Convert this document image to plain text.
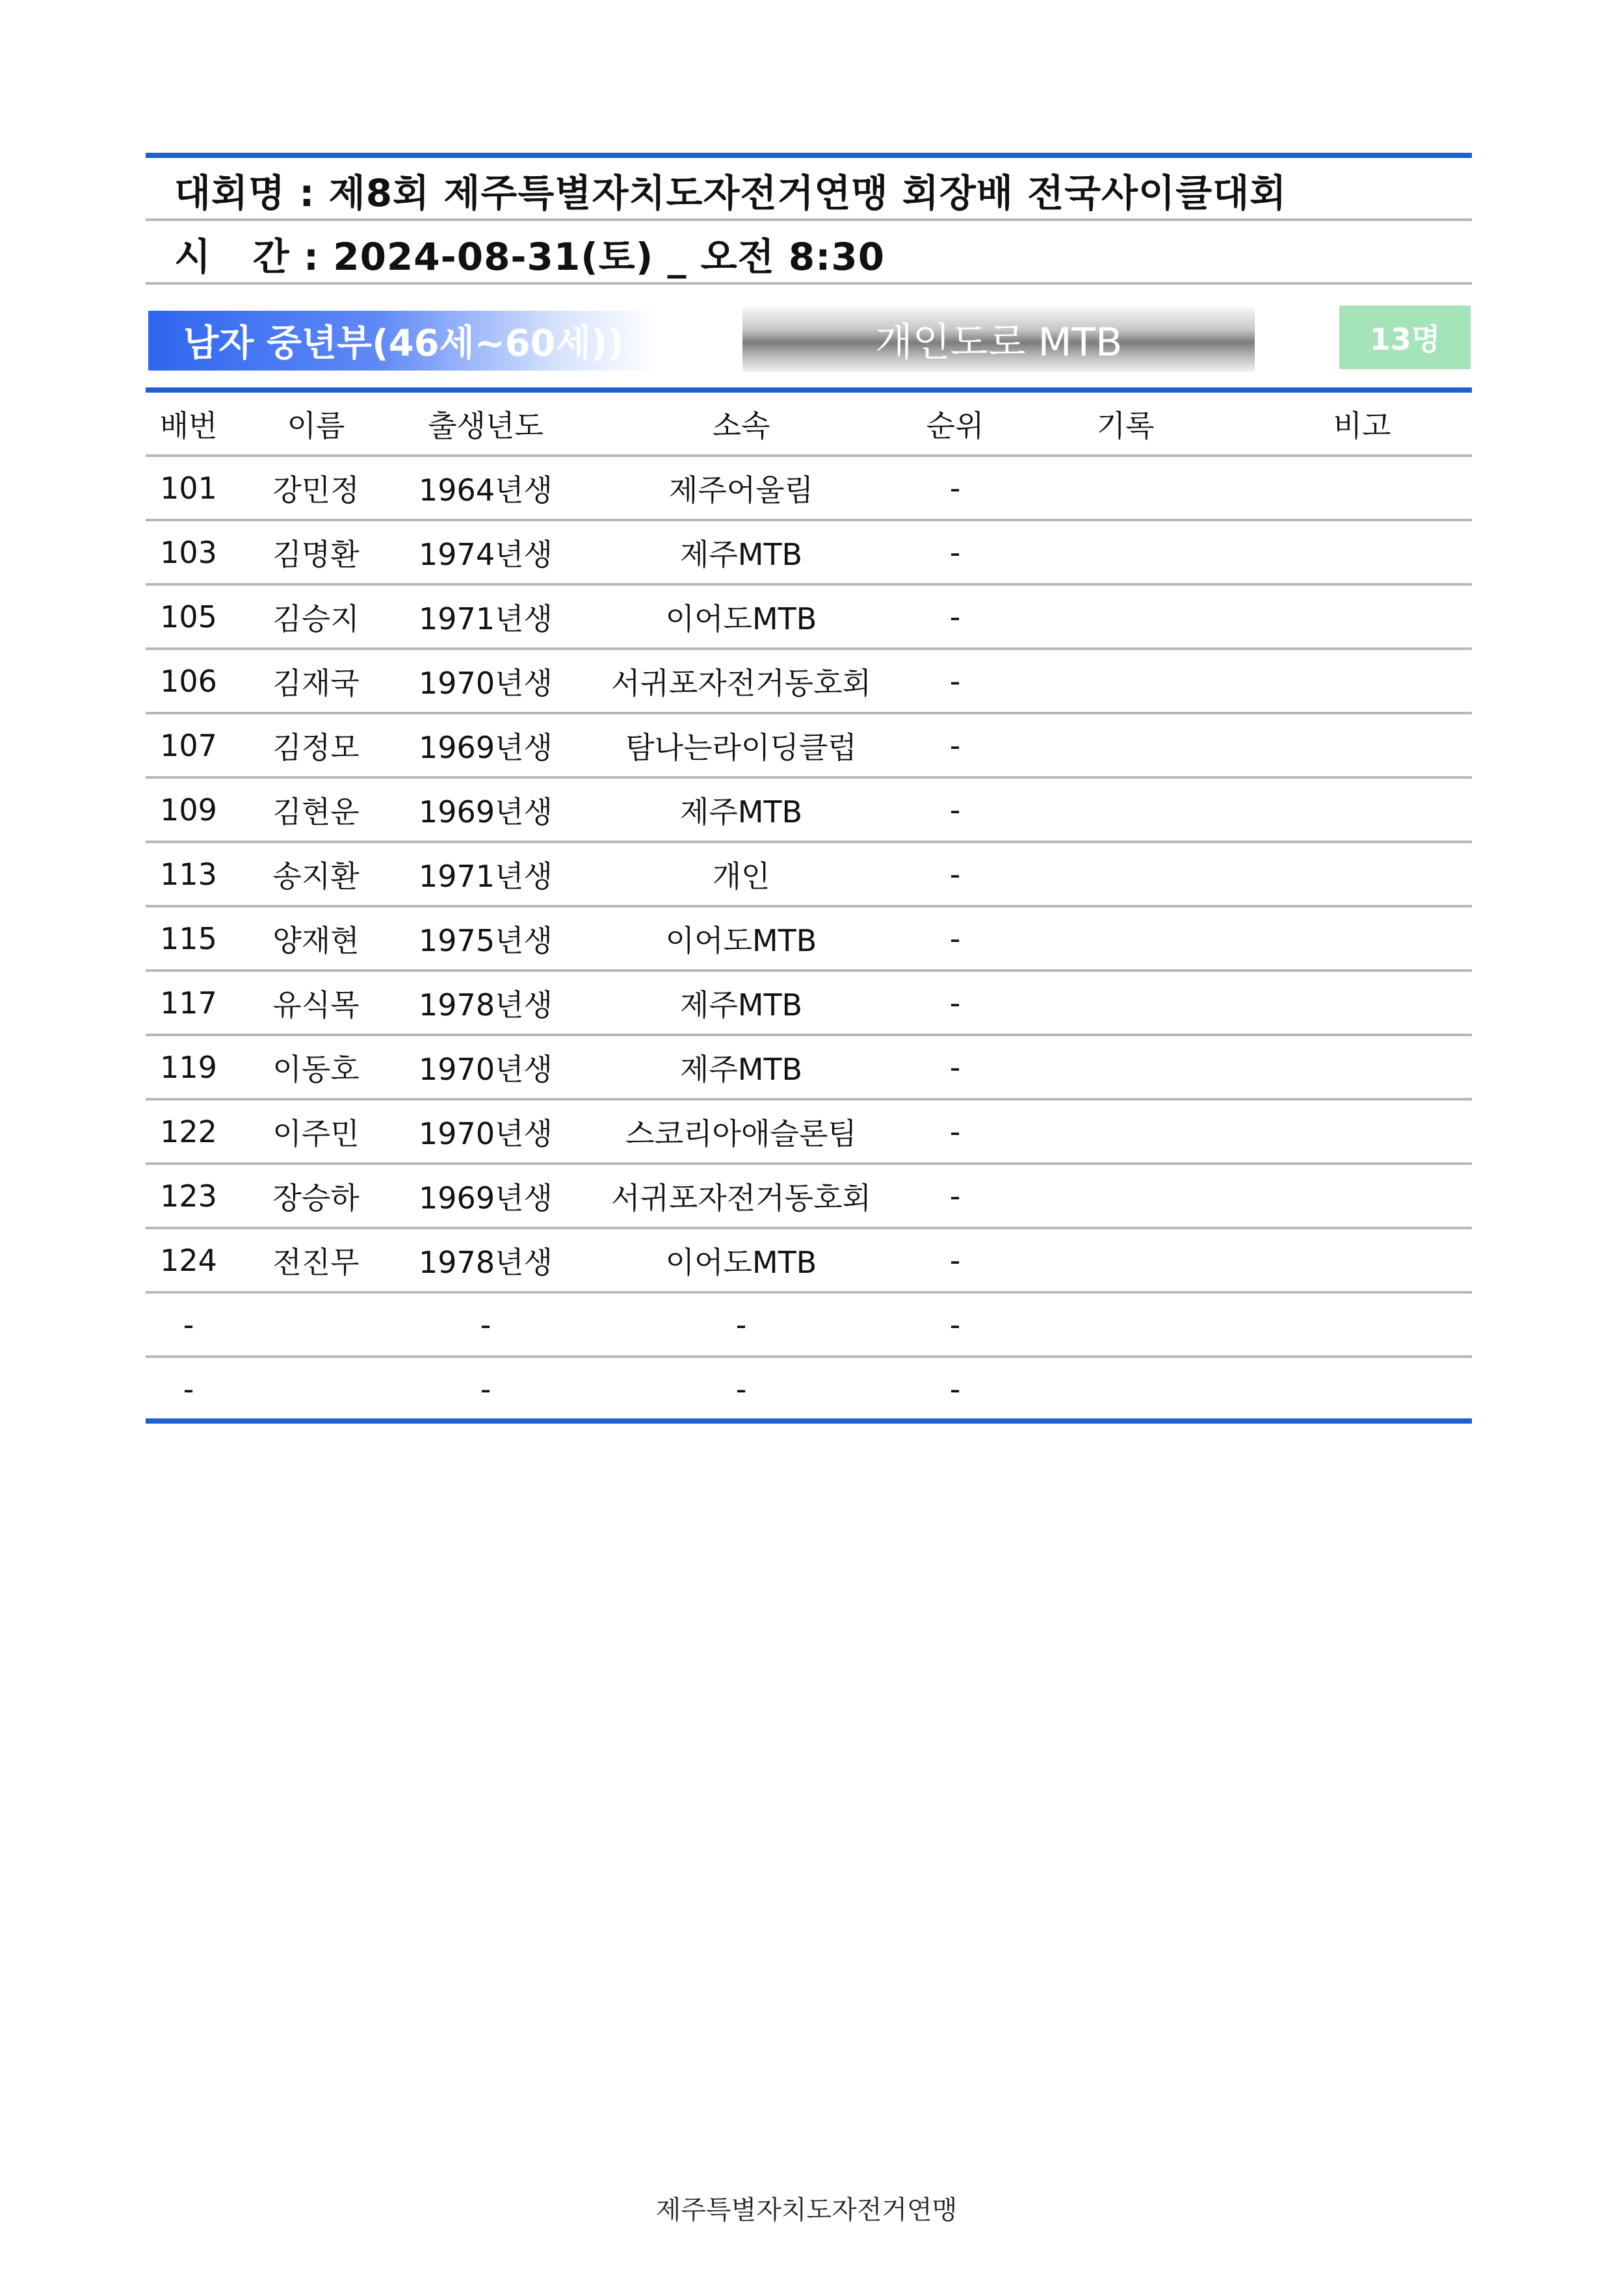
대회명 : 제8회 제주특별자치도자전거연맹 회장배 전국사이클대회
시   간 : 2024-08-31(토) _ 오전 8:30
남자 중년부(46세~60세))	개인도로 MTB	13명
배번	이름	출생년도	소속	순위	기록	비고
101	강민정	1964년생	제주어울림	-		
103	김명환	1974년생	제주MTB	-		
105	김승지	1971년생	이어도MTB	-		
106	김재국	1970년생	서귀포자전거동호회	-		
107	김정모	1969년생	탐나는라이딩클럽	-		
109	김현운	1969년생	제주MTB	-		
113	송지환	1971년생	개인	-		
115	양재현	1975년생	이어도MTB	-		
117	유식목	1978년생	제주MTB	-		
119	이동호	1970년생	제주MTB	-		
122	이주민	1970년생	스코리아애슬론팀	-		
123	장승하	1969년생	서귀포자전거동호회	-		
124	전진무	1978년생	이어도MTB	-		
-		-	-	-		
-		-	-	-		
제주특별자치도자전거연맹
